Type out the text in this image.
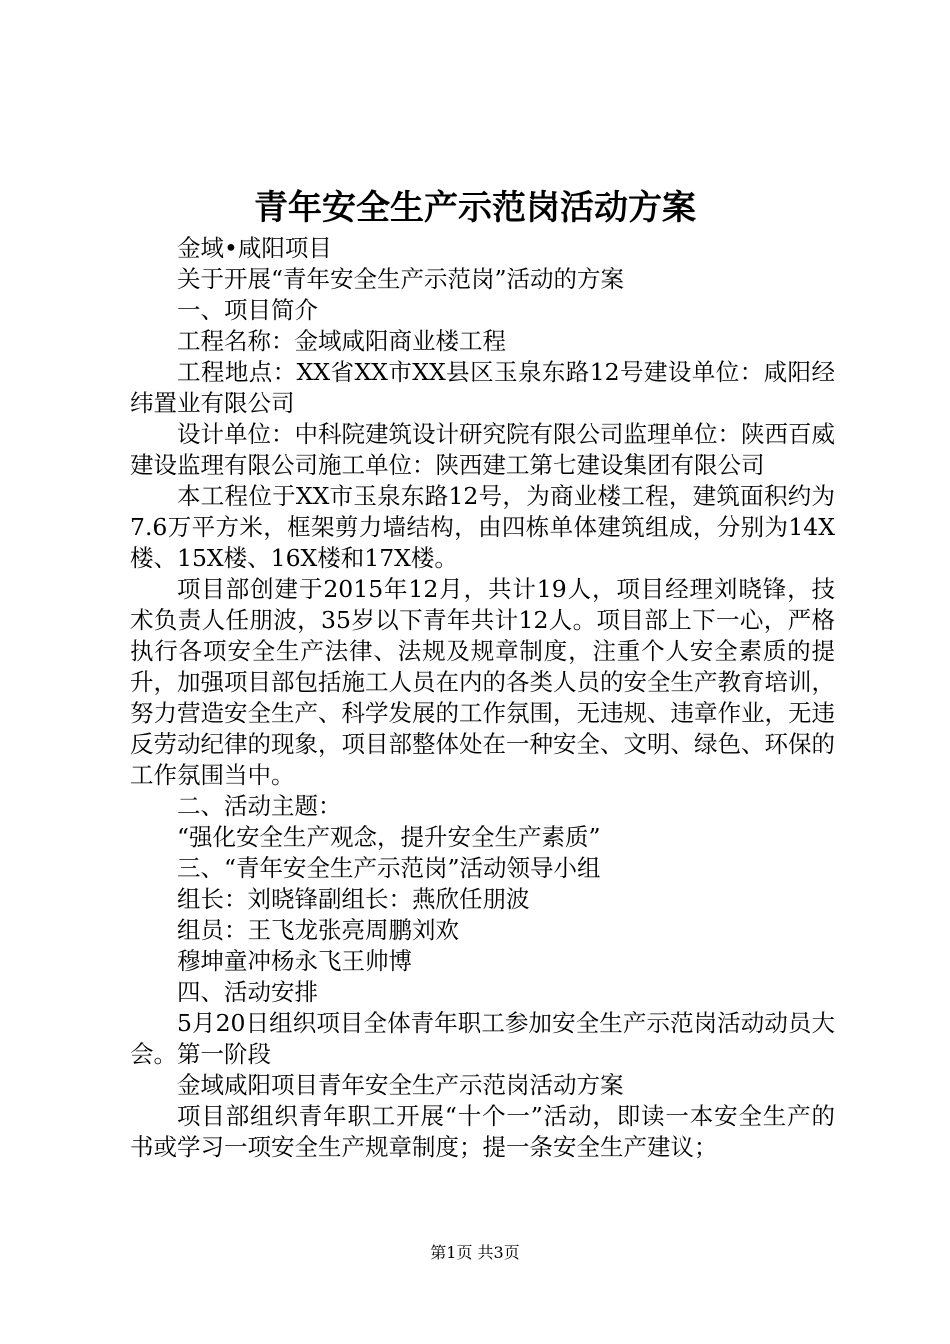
青年安全生产示范岗活动方案

金域•咸阳项目

关于开展“青年安全生产示范岗”活动的方案

一、项目简介

工程名称：金域咸阳商业楼工程

工程地点：XX省XX市XX县区玉泉东路12号建设单位：咸阳经纬置业有限公司

设计单位：中科院建筑设计研究院有限公司监理单位：陕西百威建设监理有限公司施工单位：陕西建工第七建设集团有限公司

本工程位于XX市玉泉东路12号，为商业楼工程，建筑面积约为7.6万平方米，框架剪力墙结构，由四栋单体建筑组成，分别为14X楼、15X楼、16X楼和17X楼。

项目部创建于2015年12月，共计19人，项目经理刘晓锋，技术负责人任朋波，35岁以下青年共计12人。项目部上下一心，严格执行各项安全生产法律、法规及规章制度，注重个人安全素质的提升，加强项目部包括施工人员在内的各类人员的安全生产教育培训，努力营造安全生产、科学发展的工作氛围，无违规、违章作业，无违反劳动纪律的现象，项目部整体处在一种安全、文明、绿色、环保的工作氛围当中。

二、活动主题：

“强化安全生产观念，提升安全生产素质”

三、“青年安全生产示范岗”活动领导小组

组长：刘晓锋副组长：燕欣任朋波

组员：王飞龙张亮周鹏刘欢

穆坤童冲杨永飞王帅博

四、活动安排

5月20日组织项目全体青年职工参加安全生产示范岗活动动员大会。第一阶段

金域咸阳项目青年安全生产示范岗活动方案

项目部组织青年职工开展“十个一”活动，即读一本安全生产的书或学习一项安全生产规章制度；提一条安全生产建议；

第1页 共3页
